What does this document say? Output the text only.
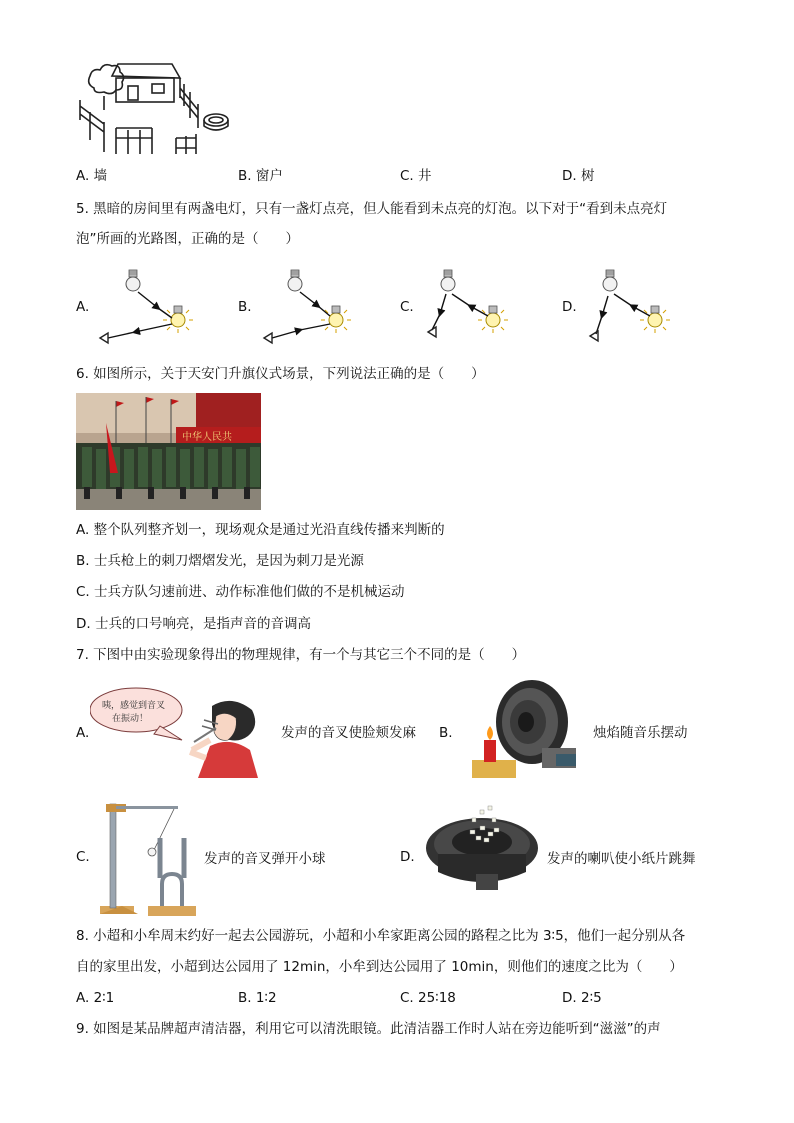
A. 墙	B. 窗户	C. 井	D. 树
5. 黑暗的房间里有两盏电灯，只有一盏灯点亮，但人能看到未点亮的灯泡。以下对于“看到未点亮灯
泡”所画的光路图，正确的是（　　）
A.	B.	C.	D.
6. 如图所示，关于天安门升旗仪式场景，下列说法正确的是（　　）
中华人民共
A. 整个队列整齐划一，现场观众是通过光沿直线传播来判断的
B. 士兵枪上的刺刀熠熠发光，是因为刺刀是光源
C. 士兵方队匀速前进、动作标准他们做的不是机械运动
D. 士兵的口号响亮，是指声音的音调高
7. 下图中由实验现象得出的物理规律，有一个与其它三个不同的是（　　）
A.
咦，感觉到音叉
在振动！
发声的音叉使脸颊发麻 B.	烛焰随音乐摆动
C.	发声的音叉弹开小球	D.	发声的喇叭使小纸片跳舞
8. 小超和小牟周末约好一起去公园游玩，小超和小牟家距离公园的路程之比为 3∶5，他们一起分别从各
自的家里出发，小超到达公园用了 12min，小牟到达公园用了 10min，则他们的速度之比为（　　）
A. 2∶1	B. 1∶2	C. 25∶18	D. 2∶5
9. 如图是某品牌超声清洁器，利用它可以清洗眼镜。此清洁器工作时人站在旁边能听到“滋滋”的声
